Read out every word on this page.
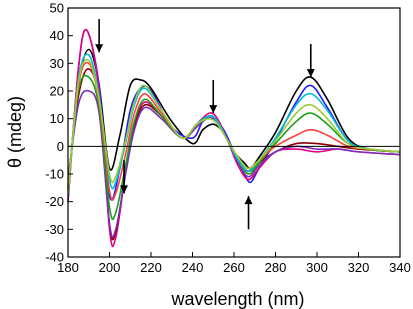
180 200 220 240 260 280 300 320 340
-40
-30
-20
-10
0
10
20
30
40
50
θ (mdeg)
wavelength (nm)
